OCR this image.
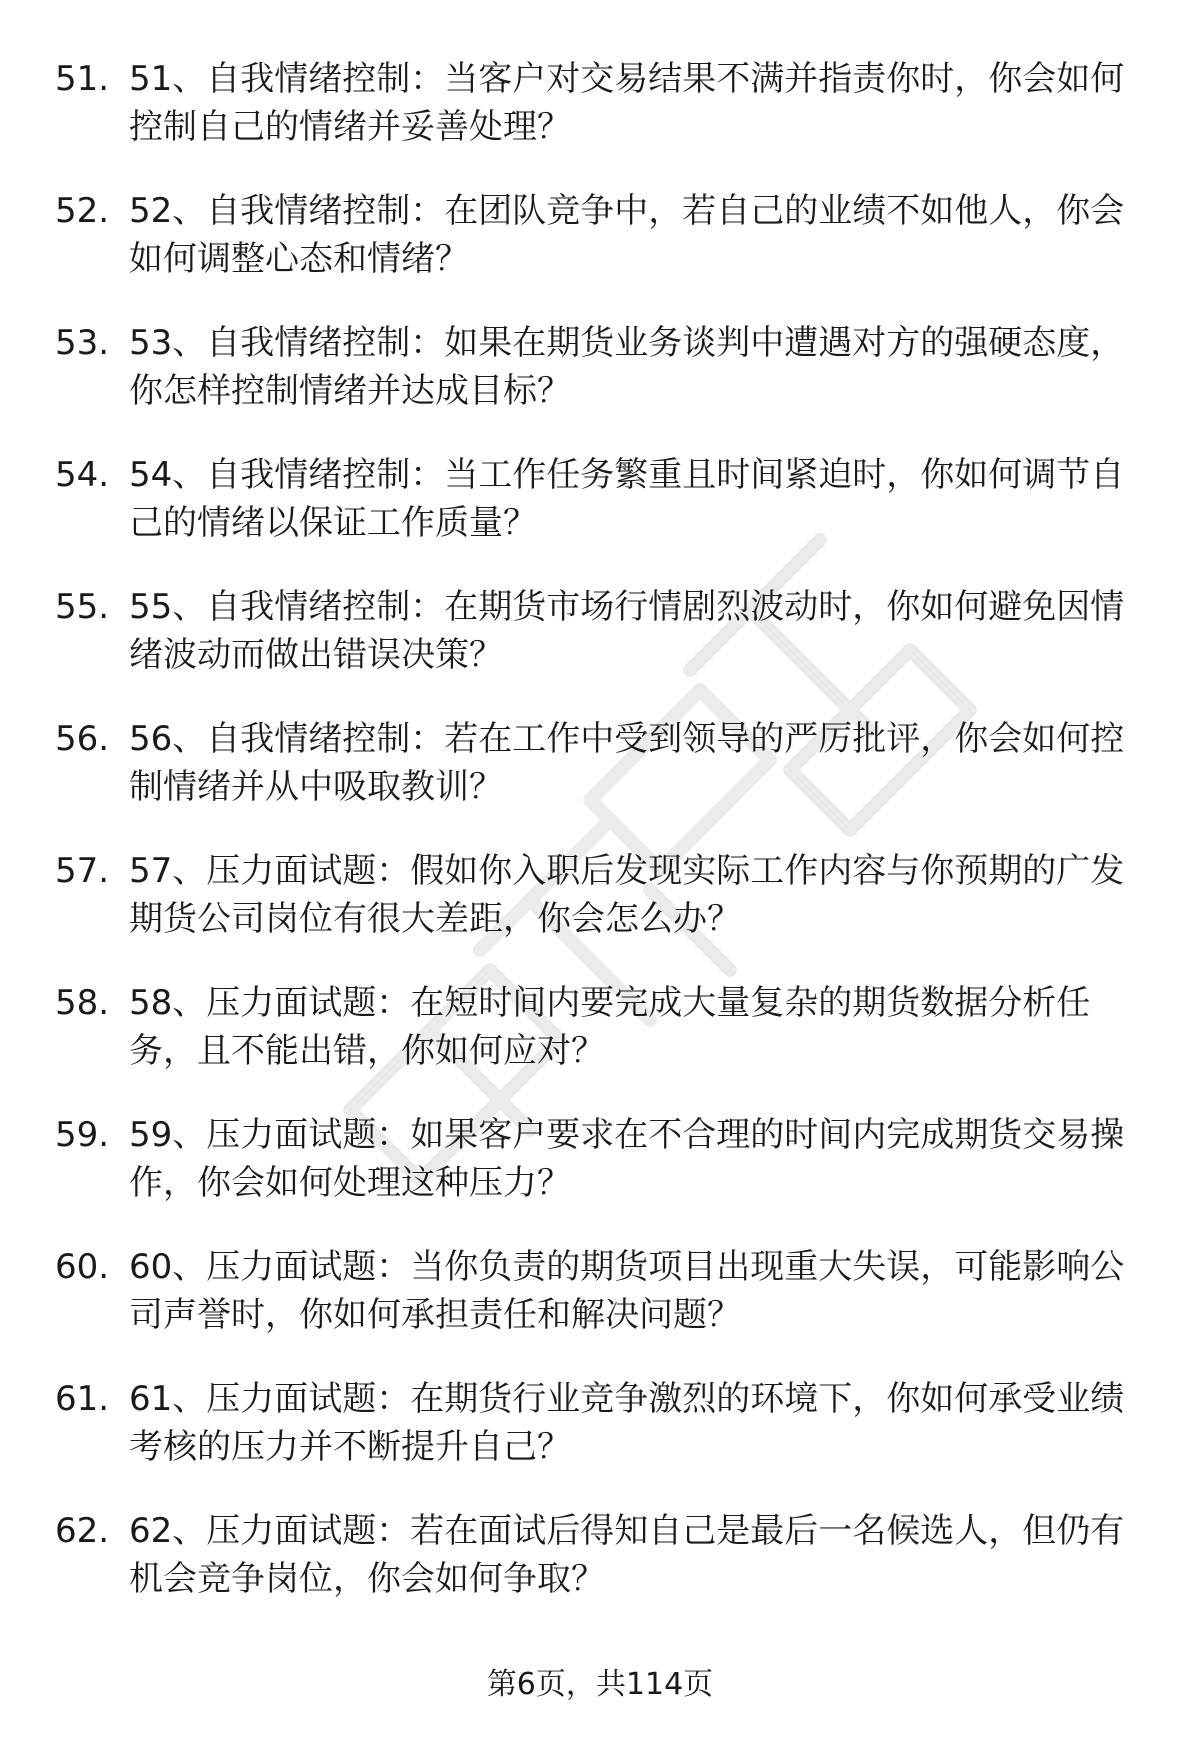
51. 51、自我情绪控制：当客户对交易结果不满并指责你时，你会如何控制自己的情绪并妥善处理？
52. 52、自我情绪控制：在团队竞争中，若自己的业绩不如他人，你会如何调整心态和情绪？
53. 53、自我情绪控制：如果在期货业务谈判中遭遇对方的强硬态度，你怎样控制情绪并达成目标？
54. 54、自我情绪控制：当工作任务繁重且时间紧迫时，你如何调节自己的情绪以保证工作质量？
55. 55、自我情绪控制：在期货市场行情剧烈波动时，你如何避免因情绪波动而做出错误决策？
56. 56、自我情绪控制：若在工作中受到领导的严厉批评，你会如何控制情绪并从中吸取教训？
57. 57、压力面试题：假如你入职后发现实际工作内容与你预期的广发期货公司岗位有很大差距，你会怎么办？
58. 58、压力面试题：在短时间内要完成大量复杂的期货数据分析任务，且不能出错，你如何应对？
59. 59、压力面试题：如果客户要求在不合理的时间内完成期货交易操作，你会如何处理这种压力？
60. 60、压力面试题：当你负责的期货项目出现重大失误，可能影响公司声誉时，你如何承担责任和解决问题？
61. 61、压力面试题：在期货行业竞争激烈的环境下，你如何承受业绩考核的压力并不断提升自己？
62. 62、压力面试题：若在面试后得知自己是最后一名候选人，但仍有机会竞争岗位，你会如何争取？
第6页，共114页
